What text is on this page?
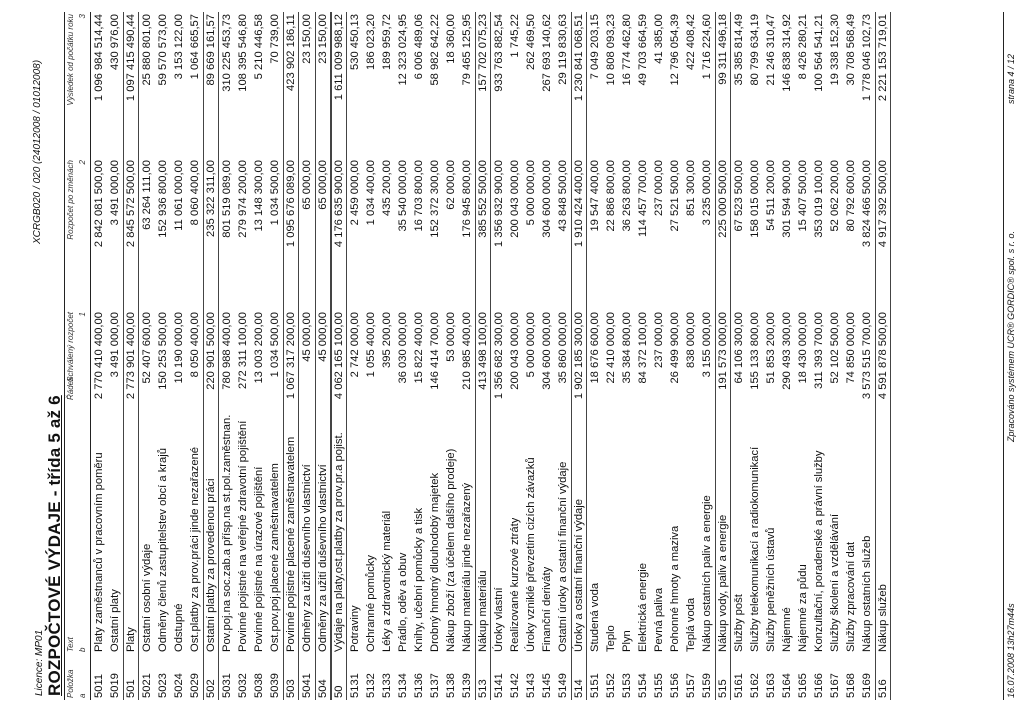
Licence: MP01
XCRGB020 / 020 (24012008 / 01012008)
ROZPOČTOVÉ VÝDAJE - třída 5 až 6 Položka
Text
Řádek
Schválený rozpočet
Rozpočet po změnách
Výsledek od počátku roku
a
b
1
2
3
5011
Platy zaměstnanců v pracovním poměru
2 770 410 400,00
2 842 081 500,00
1 096 984 514,44
5019
Ostatní platy
3 491 000,00
3 491 000,00
430 976,00
501
Platy
2 773 901 400,00
2 845 572 500,00
1 097 415 490,44
5021
Ostatní osobní výdaje
52 407 600,00
63 264 111,00
25 880 801,00
5023
Odměny členů zastupitelstev obcí a krajů
150 253 500,00
152 936 800,00
59 570 573,00
5024
Odstupné
10 190 000,00
11 061 000,00
3 153 122,00
5029
Ost.platby za prov.práci jinde nezařazené
8 050 400,00
8 060 400,00
1 064 665,57
502
Ostatní platby za provedenou práci
220 901 500,00
235 322 311,00
89 669 161,57
5031
Pov.poj.na soc.zab.a přísp.na st.pol.zaměstnan.
780 988 400,00
801 519 089,00
310 225 453,73
5032
Povinné pojistné na veřejné zdravotní pojištění
272 311 100,00
279 974 200,00
108 395 546,80
5038
Povinné pojistné na úrazové pojištění
13 003 200,00
13 148 300,00
5 210 446,58
5039
Ost.pov.poj.placené zaměstnavatelem
1 034 500,00
1 034 500,00
70 739,00
503
Povinné pojistné placené zaměstnavatelem
1 067 317 200,00
1 095 676 089,00
423 902 186,11
5041
Odměny za užití duševního vlastnictví
45 000,00
65 000,00
23 150,00
504
Odměny za užití duševního vlastnictví
45 000,00
65 000,00
23 150,00
50
Výdaje na platy,ost.platby za prov.pr.a pojist.
4 062 165 100,00
4 176 635 900,00
1 611 009 988,12
5131
Potraviny
2 742 000,00
2 459 000,00
530 450,13
5132
Ochranné pomůcky
1 055 400,00
1 034 400,00
186 023,20
5133
Léky a zdravotnický materiál
395 200,00
435 200,00
189 959,72
5134
Prádlo, oděv a obuv
36 030 000,00
35 540 000,00
12 323 024,95
5136
Knihy, učební pomůcky a tisk
15 822 400,00
16 703 800,00
6 006 489,06
5137
Drobný hmotný dlouhodobý majetek
146 414 700,00
152 372 300,00
58 982 642,22
5138
Nákup zboží (za účelem dalšího prodeje)
53 000,00
62 000,00
18 360,00
5139
Nákup materiálu jinde nezařazený
210 985 400,00
176 945 800,00
79 465 125,95
513
Nákup materiálu
413 498 100,00
385 552 500,00
157 702 075,23
5141
Úroky vlastní
1 356 682 300,00
1 356 932 900,00
933 763 882,54
5142
Realizované kurzové ztráty
200 043 000,00
200 043 000,00
1 745,22
5143
Úroky vzniklé převzetím cizích závazků
5 000 000,00
5 000 000,00
262 469,50
5145
Finanční deriváty
304 600 000,00
304 600 000,00
267 693 140,62
5149
Ostatní úroky a ostatní finanční výdaje
35 860 000,00
43 848 500,00
29 119 830,63
514
Úroky a ostatní finanční výdaje
1 902 185 300,00
1 910 424 400,00
1 230 841 068,51
5151
Studená voda
18 676 600,00
19 547 400,00
7 049 203,15
5152
Teplo
22 410 000,00
22 886 800,00
10 808 093,23
5153
Plyn
35 384 800,00
36 263 800,00
16 774 462,80
5154
Elektrická energie
84 372 100,00
114 457 700,00
49 703 664,59
5155
Pevná paliva
237 000,00
237 000,00
41 385,00
5156
Pohonné hmoty a maziva
26 499 900,00
27 521 500,00
12 796 054,39
5157
Teplá voda
838 000,00
851 300,00
422 408,42
5159
Nákup ostatních paliv a energie
3 155 000,00
3 235 000,00
1 716 224,60
515
Nákup vody, paliv a energie
191 573 000,00
225 000 500,00
99 311 496,18
5161
Služby pošt
64 106 300,00
67 523 500,00
35 385 814,49
5162
Služby telekomunikací a radiokomunikací
155 133 800,00
158 015 000,00
80 799 634,19
5163
Služby peněžních ústavů
51 853 200,00
54 511 200,00
21 246 310,47
5164
Nájemné
290 493 300,00
301 594 900,00
146 838 314,92
5165
Nájemné za půdu
18 430 000,00
15 407 500,00
8 426 280,21
5166
Konzultační, poradenské a právní služby
311 393 700,00
353 019 100,00
100 564 541,21
5167
Služby školení a vzdělávání
52 102 500,00
52 062 200,00
19 338 152,30
5168
Služby zpracování dat
74 850 000,00
80 792 600,00
30 708 568,49
5169
Nákup ostatních služeb
3 573 515 700,00
3 824 466 500,00
1 778 046 102,73
516
Nákup služeb
4 591 878 500,00
4 917 392 500,00
2 221 153 719,01
16.07.2008 13h27m44s
Zpracováno systémem UCR® GORDIC® spol. s r. o.
strana 4 / 12
